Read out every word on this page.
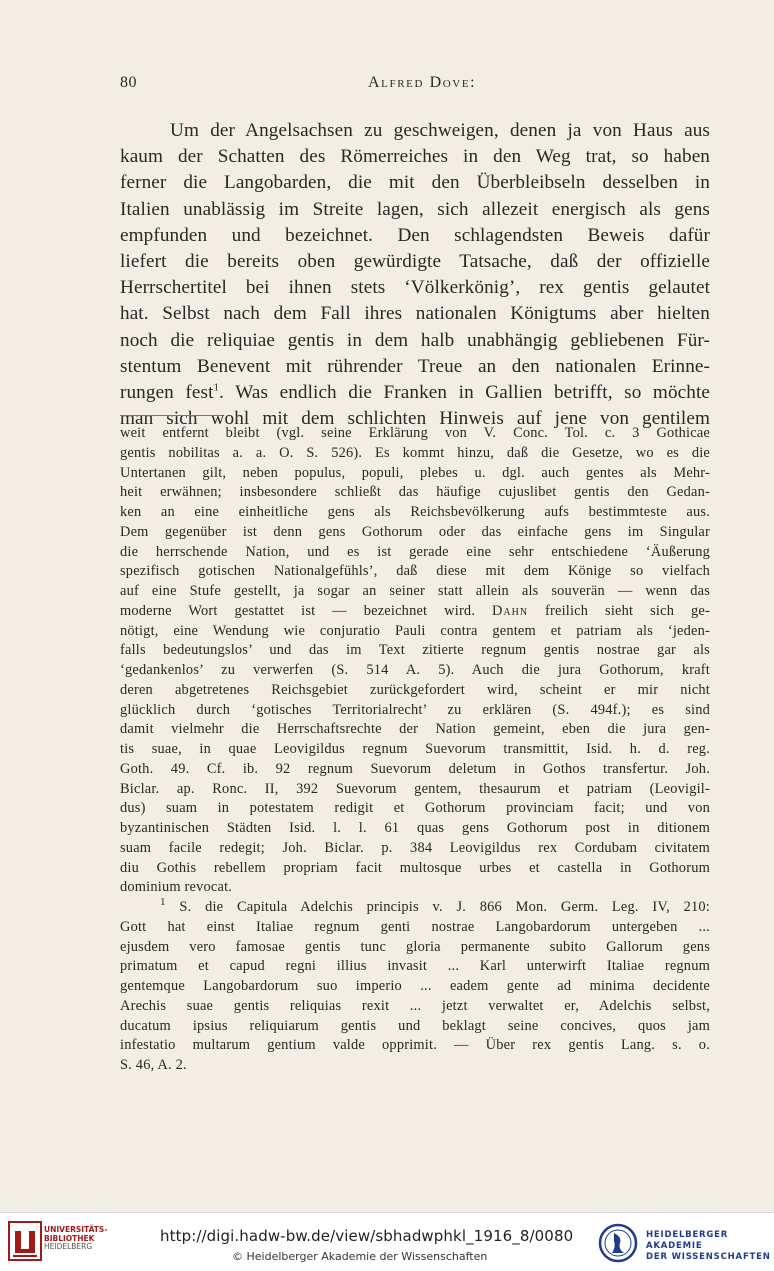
80	Alfred Dove:
Um der Angelsachsen zu geschweigen, denen ja von Haus aus
kaum der Schatten des Römerreiches in den Weg trat, so haben
ferner die Langobarden, die mit den Überbleibseln desselben in
Italien unablässig im Streite lagen, sich allezeit energisch als gens
empfunden und bezeichnet. Den schlagendsten Beweis dafür
liefert die bereits oben gewürdigte Tatsache, daß der offizielle
Herrschertitel bei ihnen stets ‘Völkerkönig’, rex gentis gelautet
hat. Selbst nach dem Fall ihres nationalen Königtums aber hielten
noch die reliquiae gentis in dem halb unabhängig gebliebenen Für-
stentum Benevent mit rührender Treue an den nationalen Erinne-
rungen fest$^1$. Was endlich die Franken in Gallien betrifft, so möchte
man sich wohl mit dem schlichten Hinweis auf jene von gentilem
weit entfernt bleibt (vgl. seine Erklärung von V. Conc. Tol. c. 3 Gothicae
gentis nobilitas a. a. O. S. 526). Es kommt hinzu, daß die Gesetze, wo es die
Untertanen gilt, neben populus, populi, plebes u. dgl. auch gentes als Mehr-
heit erwähnen; insbesondere schließt das häufige cujuslibet gentis den Gedan-
ken an eine einheitliche gens als Reichsbevölkerung aufs bestimmteste aus.
Dem gegenüber ist denn gens Gothorum oder das einfache gens im Singular
die herrschende Nation, und es ist gerade eine sehr entschiedene ‘Äußerung
spezifisch gotischen Nationalgefühls’, daß diese mit dem Könige so vielfach
auf eine Stufe gestellt, ja sogar an seiner statt allein als souverän — wenn das
moderne Wort gestattet ist — bezeichnet wird. Dahn freilich sieht sich ge-
nötigt, eine Wendung wie conjuratio Pauli contra gentem et patriam als ‘jeden-
falls bedeutungslos’ und das im Text zitierte regnum gentis nostrae gar als
‘gedankenlos’ zu verwerfen (S. 514 A. 5). Auch die jura Gothorum, kraft
deren abgetretenes Reichsgebiet zurückgefordert wird, scheint er mir nicht
glücklich durch ‘gotisches Territorialrecht’ zu erklären (S. 494f.); es sind
damit vielmehr die Herrschaftsrechte der Nation gemeint, eben die jura gen-
tis suae, in quae Leovigildus regnum Suevorum transmittit, Isid. h. d. reg.
Goth. 49. Cf. ib. 92 regnum Suevorum deletum in Gothos transfertur. Joh.
Biclar. ap. Ronc. II, 392 Suevorum gentem, thesaurum et patriam (Leovigil-
dus) suam in potestatem redigit et Gothorum provinciam facit; und von
byzantinischen Städten Isid. l. l. 61 quas gens Gothorum post in ditionem
suam facile redegit; Joh. Biclar. p. 384 Leovigildus rex Cordubam civitatem
diu Gothis rebellem propriam facit multosque urbes et castella in Gothorum
dominium revocat.
$^1$ S. die Capitula Adelchis principis v. J. 866 Mon. Germ. Leg. IV, 210:
Gott hat einst Italiae regnum genti nostrae Langobardorum untergeben ...
ejusdem vero famosae gentis tunc gloria permanente subito Gallorum gens
primatum et capud regni illius invasit ... Karl unterwirft Italiae regnum
gentemque Langobardorum suo imperio ... eadem gente ad minima decidente
Arechis suae gentis reliquias rexit ... jetzt verwaltet er, Adelchis selbst,
ducatum ipsius reliquiarum gentis und beklagt seine concives, quos jam
infestatio multarum gentium valde opprimit. — Über rex gentis Lang. s. o.
S. 46, A. 2.
UNIVERSITÄTS-
BIBLIOTHEK
HEIDELBERG
http://digi.hadw-bw.de/view/sbhadwphkl_1916_8/0080
© Heidelberger Akademie der Wissenschaften
HEIDELBERGER AKADEMIE
DER WISSENSCHAFTEN
